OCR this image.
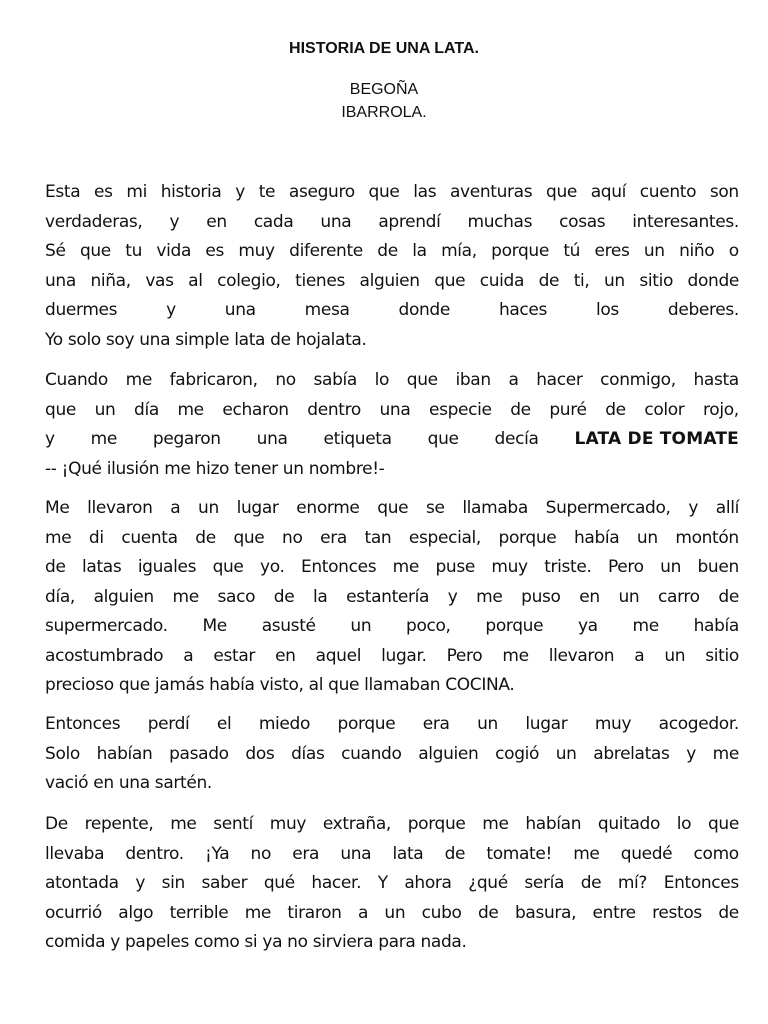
HISTORIA DE UNA LATA.
BEGOÑA
IBARROLA.
Esta es mi historia y te aseguro que las aventuras que aquí cuento son
verdaderas, y en cada una aprendí muchas cosas interesantes.
Sé que tu vida es muy diferente de la mía, porque tú eres un niño o
una niña, vas al colegio, tienes alguien que cuida de ti, un sitio donde
duermes	y	una	mesa	donde	haces	los	deberes.
Yo solo soy una simple lata de hojalata.
Cuando me fabricaron, no sabía lo que iban a hacer conmigo, hasta
que un día me echaron dentro una especie de puré de color rojo,
y me pegaron una etiqueta que decía LATA DE TOMATE
-- ¡Qué ilusión me hizo tener un nombre!-
Me llevaron a un lugar enorme que se llamaba Supermercado, y allí
me di cuenta de que no era tan especial, porque había un montón
de latas iguales que yo. Entonces me puse muy triste. Pero un buen
día, alguien me saco de la estantería y me puso en un carro de
supermercado. Me asusté un poco, porque ya me había
acostumbrado a estar en aquel lugar. Pero me llevaron a un sitio
precioso que jamás había visto, al que llamaban COCINA.
Entonces perdí el miedo porque era un lugar muy acogedor.
Solo habían pasado dos días cuando alguien cogió un abrelatas y me
vació en una sartén.
De repente, me sentí muy extraña, porque me habían quitado lo que
llevaba dentro. ¡Ya no era una lata de tomate! me quedé como
atontada y sin saber qué hacer. Y ahora ¿qué sería de mí? Entonces
ocurrió algo terrible me tiraron a un cubo de basura, entre restos de
comida y papeles como si ya no sirviera para nada.
